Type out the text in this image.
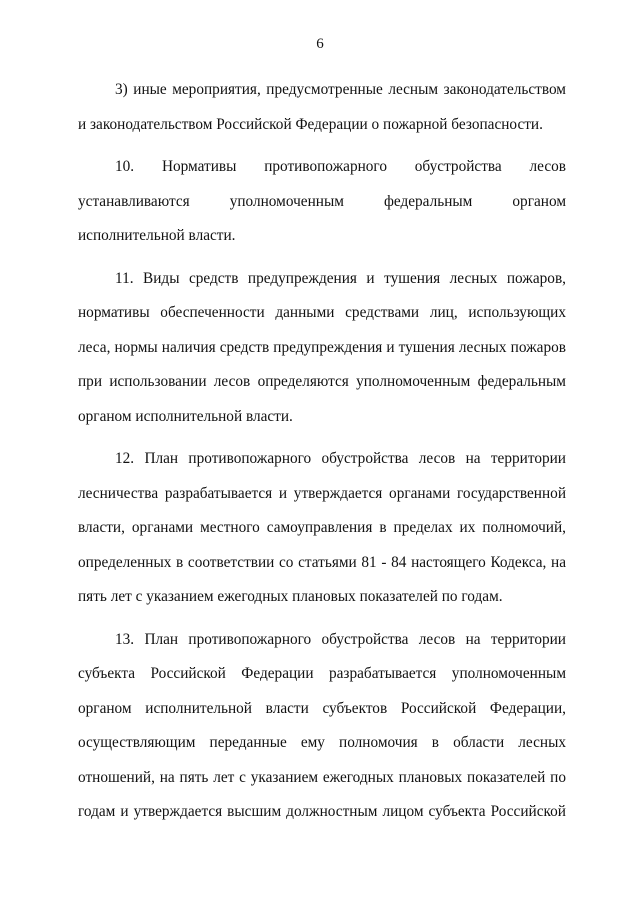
6

3) иные мероприятия, предусмотренные лесным законодательством и законодательством Российской Федерации о пожарной безопасности.

10. Нормативы противопожарного обустройства лесов устанавливаются уполномоченным федеральным органом исполнительной власти.

11. Виды средств предупреждения и тушения лесных пожаров, нормативы обеспеченности данными средствами лиц, использующих леса, нормы наличия средств предупреждения и тушения лесных пожаров при использовании лесов определяются уполномоченным федеральным органом исполнительной власти.

12. План противопожарного обустройства лесов на территории лесничества разрабатывается и утверждается органами государственной власти, органами местного самоуправления в пределах их полномочий, определенных в соответствии со статьями 81 - 84 настоящего Кодекса, на пять лет с указанием ежегодных плановых показателей по годам.

13. План противопожарного обустройства лесов на территории субъекта Российской Федерации разрабатывается уполномоченным органом исполнительной власти субъектов Российской Федерации, осуществляющим переданные ему полномочия в области лесных отношений, на пять лет с указанием ежегодных плановых показателей по годам и утверждается высшим должностным лицом субъекта Российской
